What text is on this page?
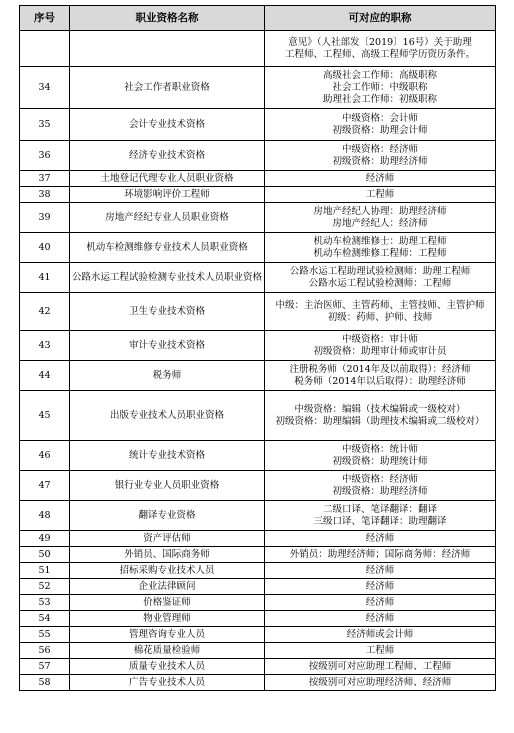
序号	职业资格名称	可对应的职称

		意见》（人社部发〔2019〕16号）关于助理
工程师、工程师、高级工程师学历资历条件。

34	社会工作者职业资格	高级社会工作师：高级职称
社会工作师：中级职称
助理社会工作师：初级职称

35	会计专业技术资格	中级资格：会计师
初级资格：助理会计师

36	经济专业技术资格	中级资格：经济师
初级资格：助理经济师

37	土地登记代理专业人员职业资格	经济师

38	环境影响评价工程师	工程师

39	房地产经纪专业人员职业资格	房地产经纪人协理：助理经济师
房地产经纪人：经济师

40	机动车检测维修专业技术人员职业资格	机动车检测维修士：助理工程师
机动车检测维修工程师：工程师

41	公路水运工程试验检测专业技术人员职业资格	公路水运工程助理试验检测师：助理工程师
公路水运工程试验检测师：工程师

42	卫生专业技术资格	中级：主治医师、主管药师、主管技师、主管护师
初级：药师、护师、技师

43	审计专业技术资格	中级资格：审计师
初级资格：助理审计师或审计员

44	税务师	注册税务师（2014年及以前取得）：经济师
税务师（2014年以后取得）：助理经济师

45	出版专业技术人员职业资格	中级资格：编辑（技术编辑或一级校对）
初级资格：助理编辑（助理技术编辑或二级校对）

46	统计专业技术资格	中级资格：统计师
初级资格：助理统计师

47	银行业专业人员职业资格	中级资格：经济师
初级资格：助理经济师

48	翻译专业资格	二级口译、笔译翻译：翻译
三级口译、笔译翻译：助理翻译

49	资产评估师	经济师

50	外销员、国际商务师	外销员：助理经济师；国际商务师：经济师

51	招标采购专业技术人员	经济师

52	企业法律顾问	经济师

53	价格鉴证师	经济师

54	物业管理师	经济师

55	管理咨询专业人员	经济师或会计师

56	棉花质量检验师	工程师

57	质量专业技术人员	按级别可对应助理工程师、工程师

58	广告专业技术人员	按级别可对应助理经济师、经济师
